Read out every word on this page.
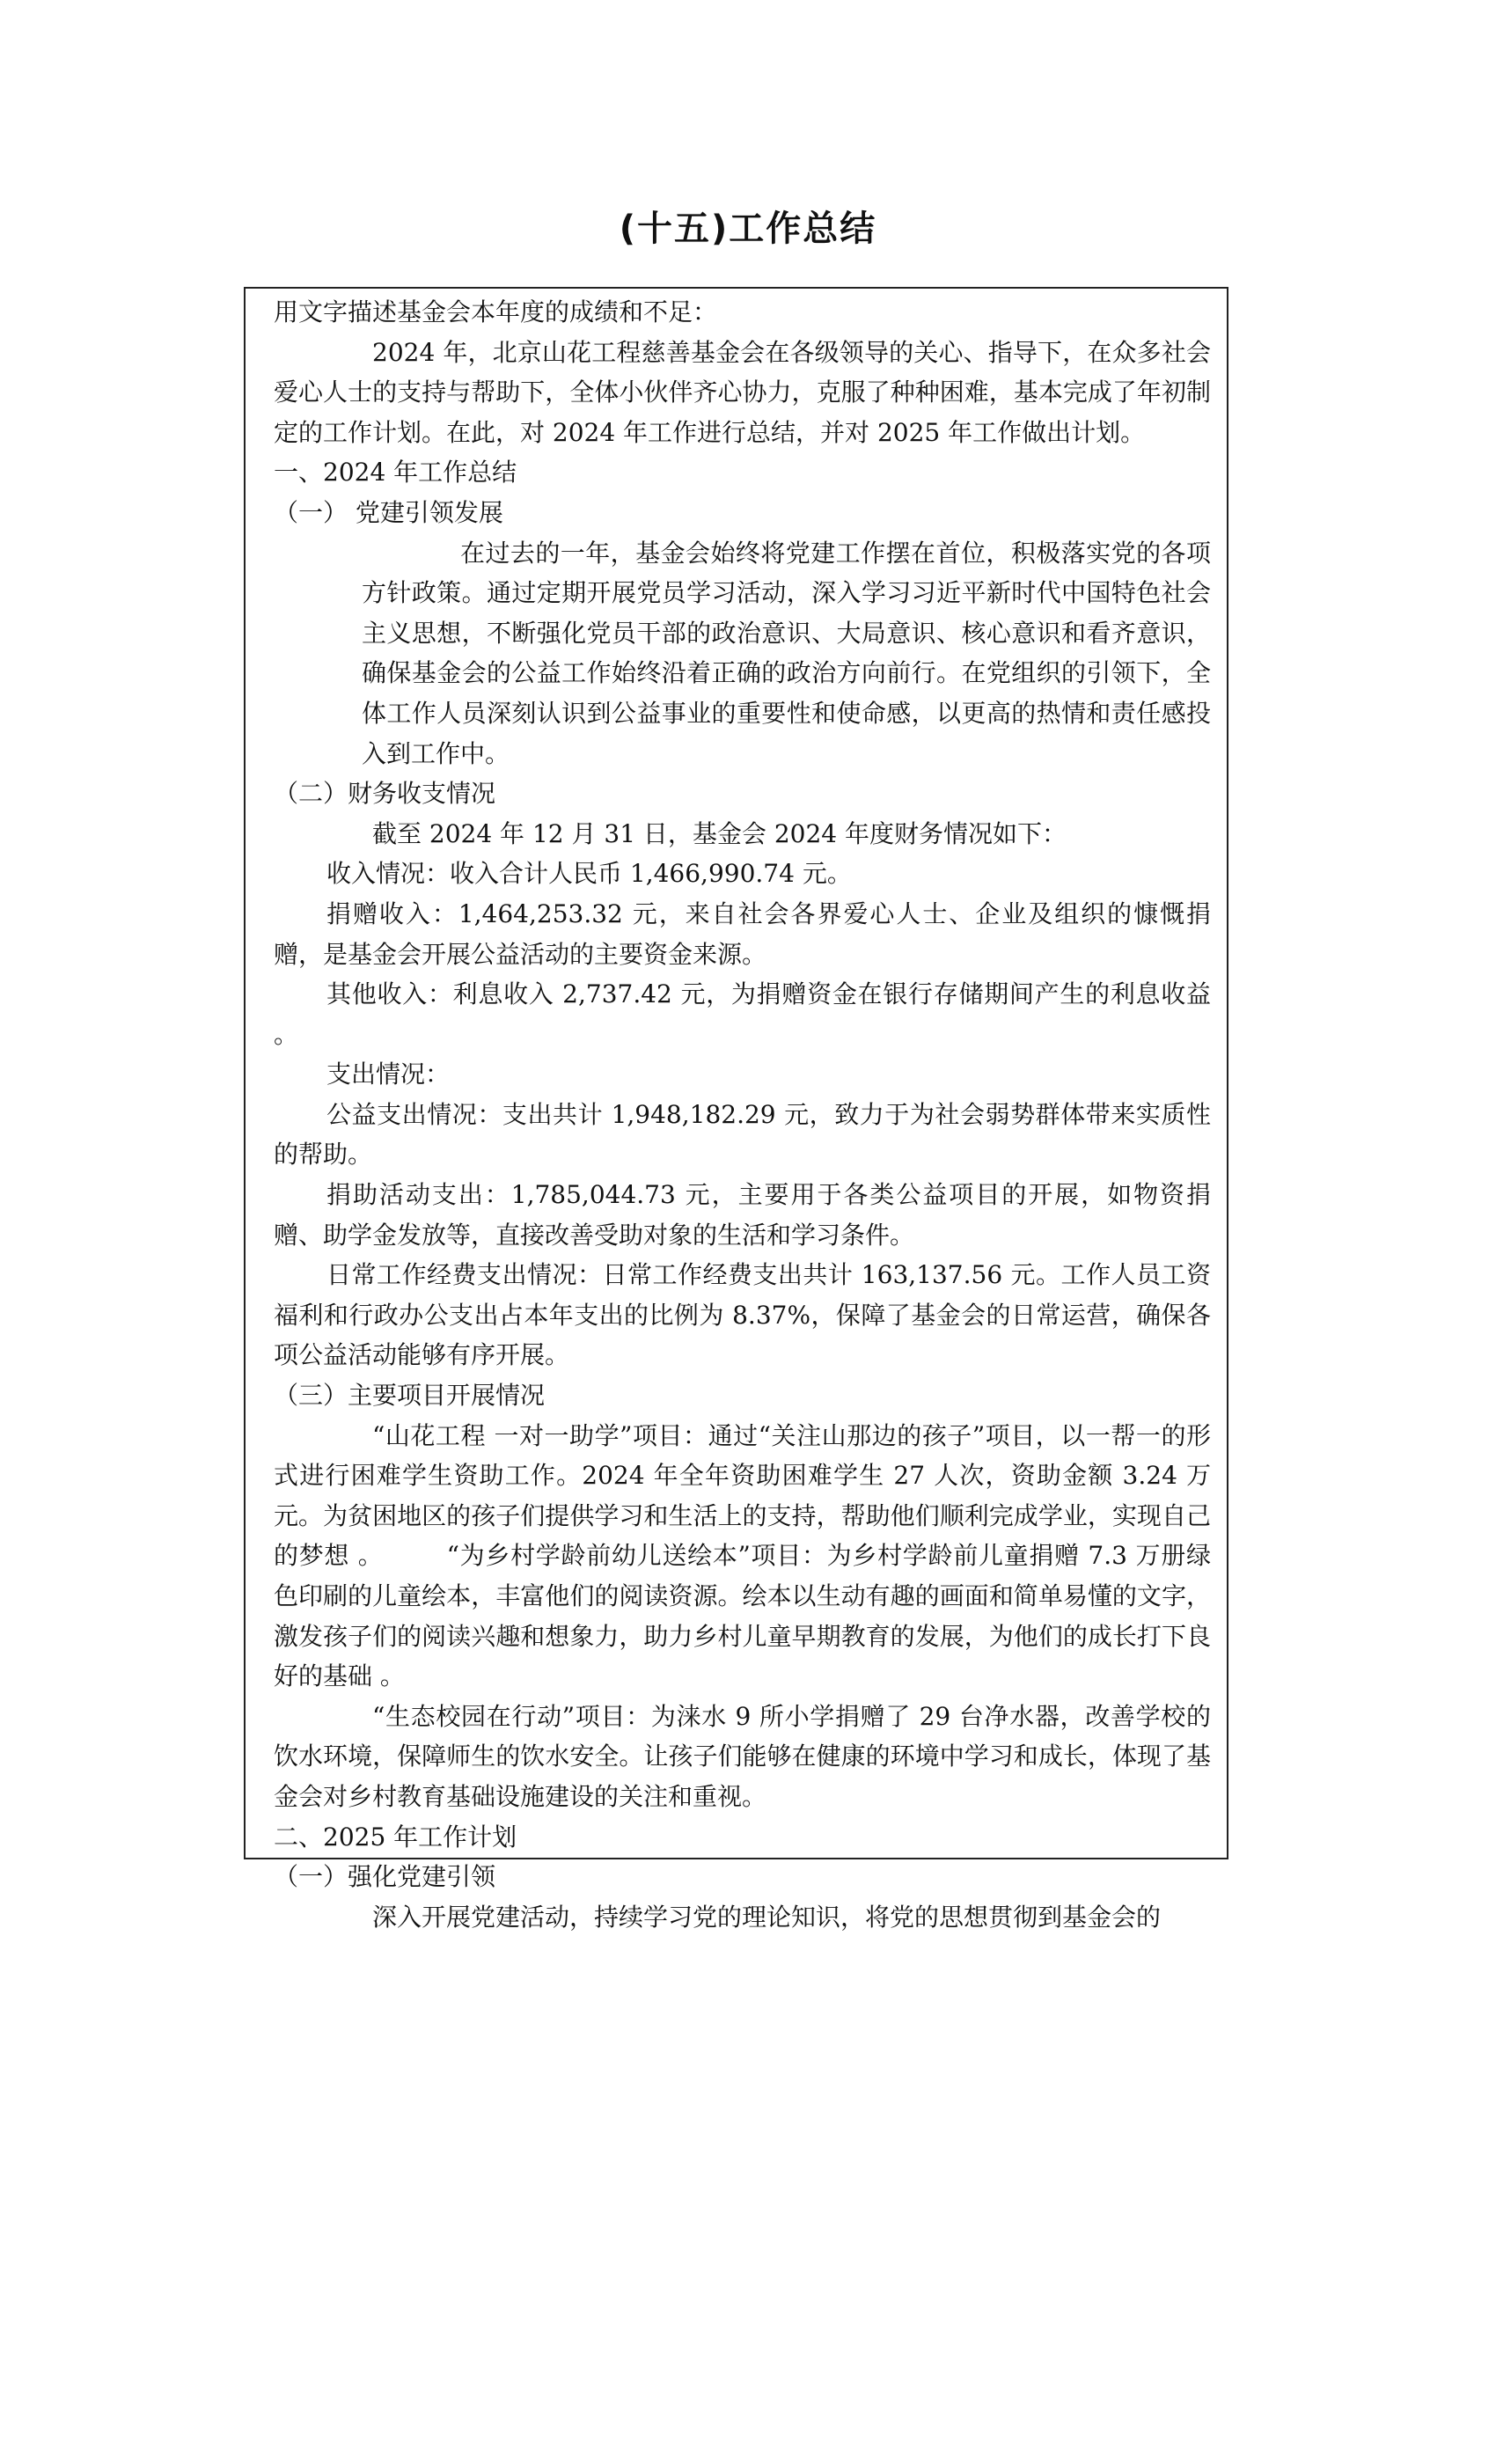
(十五)工作总结

用文字描述基金会本年度的成绩和不足：

2024 年，北京山花工程慈善基金会在各级领导的关心、指导下，在众多社会爱心人士的支持与帮助下，全体小伙伴齐心协力，克服了种种困难，基本完成了年初制定的工作计划。在此，对 2024 年工作进行总结，并对 2025 年工作做出计划。

一、2024 年工作总结

（一） 党建引领发展

在过去的一年，基金会始终将党建工作摆在首位，积极落实党的各项方针政策。通过定期开展党员学习活动，深入学习习近平新时代中国特色社会主义思想，不断强化党员干部的政治意识、大局意识、核心意识和看齐意识，确保基金会的公益工作始终沿着正确的政治方向前行。在党组织的引领下，全体工作人员深刻认识到公益事业的重要性和使命感，以更高的热情和责任感投入到工作中。

（二）财务收支情况

截至 2024 年 12 月 31 日，基金会 2024 年度财务情况如下：

收入情况：收入合计人民币 1,466,990.74 元。

捐赠收入：1,464,253.32 元，来自社会各界爱心人士、企业及组织的慷慨捐赠，是基金会开展公益活动的主要资金来源。

其他收入：利息收入 2,737.42 元，为捐赠资金在银行存储期间产生的利息收益 。

支出情况：

公益支出情况：支出共计 1,948,182.29 元，致力于为社会弱势群体带来实质性的帮助。

捐助活动支出：1,785,044.73 元，主要用于各类公益项目的开展，如物资捐赠、助学金发放等，直接改善受助对象的生活和学习条件。

日常工作经费支出情况：日常工作经费支出共计 163,137.56 元。工作人员工资福利和行政办公支出占本年支出的比例为 8.37%，保障了基金会的日常运营，确保各项公益活动能够有序开展。

（三）主要项目开展情况

“山花工程 一对一助学”项目：通过“关注山那边的孩子”项目，以一帮一的形式进行困难学生资助工作。2024 年全年资助困难学生 27 人次，资助金额 3.24 万元。为贫困地区的孩子们提供学习和生活上的支持，帮助他们顺利完成学业，实现自己的梦想 。　　　“为乡村学龄前幼儿送绘本”项目：为乡村学龄前儿童捐赠 7.3 万册绿色印刷的儿童绘本，丰富他们的阅读资源。绘本以生动有趣的画面和简单易懂的文字，激发孩子们的阅读兴趣和想象力，助力乡村儿童早期教育的发展，为他们的成长打下良好的基础 。

“生态校园在行动”项目：为涞水 9 所小学捐赠了 29 台净水器，改善学校的饮水环境，保障师生的饮水安全。让孩子们能够在健康的环境中学习和成长，体现了基金会对乡村教育基础设施建设的关注和重视。

二、2025 年工作计划

（一）强化党建引领

深入开展党建活动，持续学习党的理论知识，将党的思想贯彻到基金会的
